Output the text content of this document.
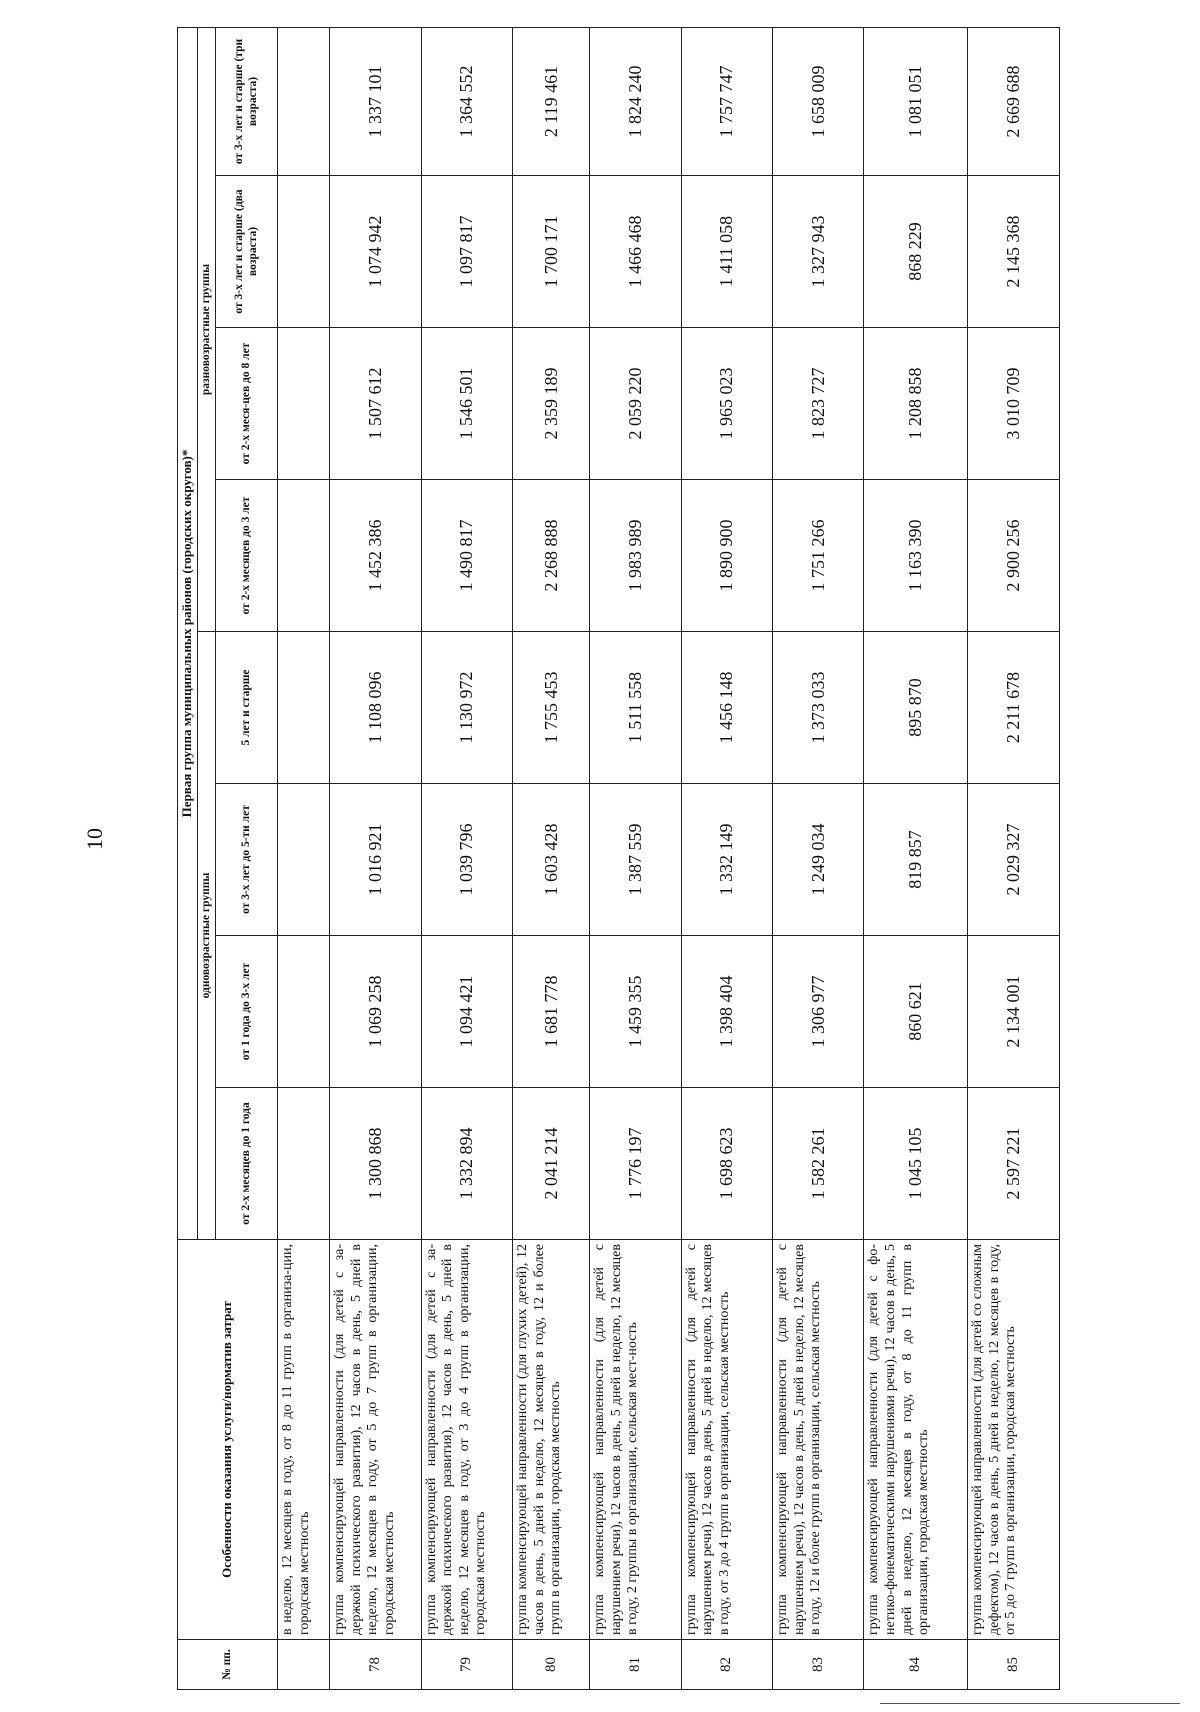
10
№ пп.	Особенности оказания услуги/норматив затрат	Первая группа муниципальных районов (городских округов)*							
		одновозрастные группы				разновозрастные группы			
		от 2-х месяцев до 1 года	от 1 года до 3-х лет	от 3-х лет до 5-ти лет	5 лет и старше	от 2-х месяцев до 3 лет	от 2-х меся-цев до 8 лет	от 3-х лет и старше (два возраста)	от 3-х лет и старше (три возраста)
	в неделю, 12 месяцев в году, от 8 до 11 групп в организа-ции, городская местность								
78	группа компенсирующей направленности (для детей с за-держкой психического развития), 12 часов в день, 5 дней в неделю, 12 месяцев в году, от 5 до 7 групп в организации, городская местность	1 300 868	1 069 258	1 016 921	1 108 096	1 452 386	1 507 612	1 074 942	1 337 101
79	группа компенсирующей направленности (для детей с за-держкой психического развития), 12 часов в день, 5 дней в неделю, 12 месяцев в году, от 3 до 4 групп в организации, городская местность	1 332 894	1 094 421	1 039 796	1 130 972	1 490 817	1 546 501	1 097 817	1 364 552
80	группа компенсирующей направленности (для глухих детей), 12 часов в день, 5 дней в неделю, 12 месяцев в году, 12 и более групп в организации, городская местность	2 041 214	1 681 778	1 603 428	1 755 453	2 268 888	2 359 189	1 700 171	2 119 461
81	группа компенсирующей направленности (для детей с нарушением речи), 12 часов в день, 5 дней в неделю, 12 месяцев в году, 2 группы в организации, сельская мест-ность	1 776 197	1 459 355	1 387 559	1 511 558	1 983 989	2 059 220	1 466 468	1 824 240
82	группа компенсирующей направленности (для детей с нарушением речи), 12 часов в день, 5 дней в неделю, 12 месяцев в году, от 3 до 4 групп в организации, сельская местность	1 698 623	1 398 404	1 332 149	1 456 148	1 890 900	1 965 023	1 411 058	1 757 747
83	группа компенсирующей направленности (для детей с нарушением речи), 12 часов в день, 5 дней в неделю, 12 месяцев в году, 12 и более групп в организации, сельская местность	1 582 261	1 306 977	1 249 034	1 373 033	1 751 266	1 823 727	1 327 943	1 658 009
84	группа компенсирующей направленности (для детей с фо-нетико-фонематическими нарушениями речи), 12 часов в день, 5 дней в неделю, 12 месяцев в году, от 8 до 11 групп в организации, городская местность	1 045 105	860 621	819 857	895 870	1 163 390	1 208 858	868 229	1 081 051
85	группа компенсирующей направленности (для детей со сложным дефектом), 12 часов в день, 5 дней в неделю, 12 месяцев в году, от 5 до 7 групп в организации, городская местность	2 597 221	2 134 001	2 029 327	2 211 678	2 900 256	3 010 709	2 145 368	2 669 688
